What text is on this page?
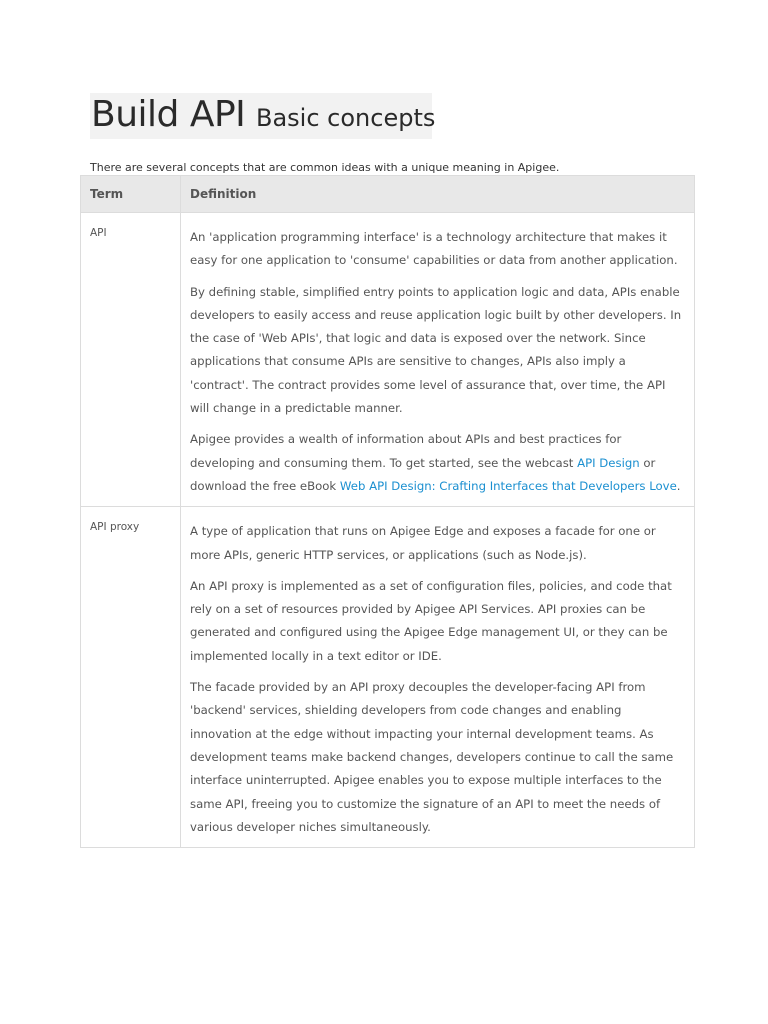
Build API Basic concepts
There are several concepts that are common ideas with a unique meaning in Apigee.
Term	Definition
API	An 'application programming interface' is a technology architecture that makes it easy for one application to 'consume' capabilities or data from another application.

By defining stable, simplified entry points to application logic and data, APIs enable developers to easily access and reuse application logic built by other developers. In the case of 'Web APIs', that logic and data is exposed over the network. Since applications that consume APIs are sensitive to changes, APIs also imply a 'contract'. The contract provides some level of assurance that, over time, the API will change in a predictable manner.

Apigee provides a wealth of information about APIs and best practices for developing and consuming them. To get started, see the webcast API Design or download the free eBook Web API Design: Crafting Interfaces that Developers Love.

API proxy	A type of application that runs on Apigee Edge and exposes a facade for one or more APIs, generic HTTP services, or applications (such as Node.js).

An API proxy is implemented as a set of configuration files, policies, and code that rely on a set of resources provided by Apigee API Services. API proxies can be generated and configured using the Apigee Edge management UI, or they can be implemented locally in a text editor or IDE.

The facade provided by an API proxy decouples the developer-facing API from 'backend' services, shielding developers from code changes and enabling innovation at the edge without impacting your internal development teams. As development teams make backend changes, developers continue to call the same interface uninterrupted. Apigee enables you to expose multiple interfaces to the same API, freeing you to customize the signature of an API to meet the needs of various developer niches simultaneously.
